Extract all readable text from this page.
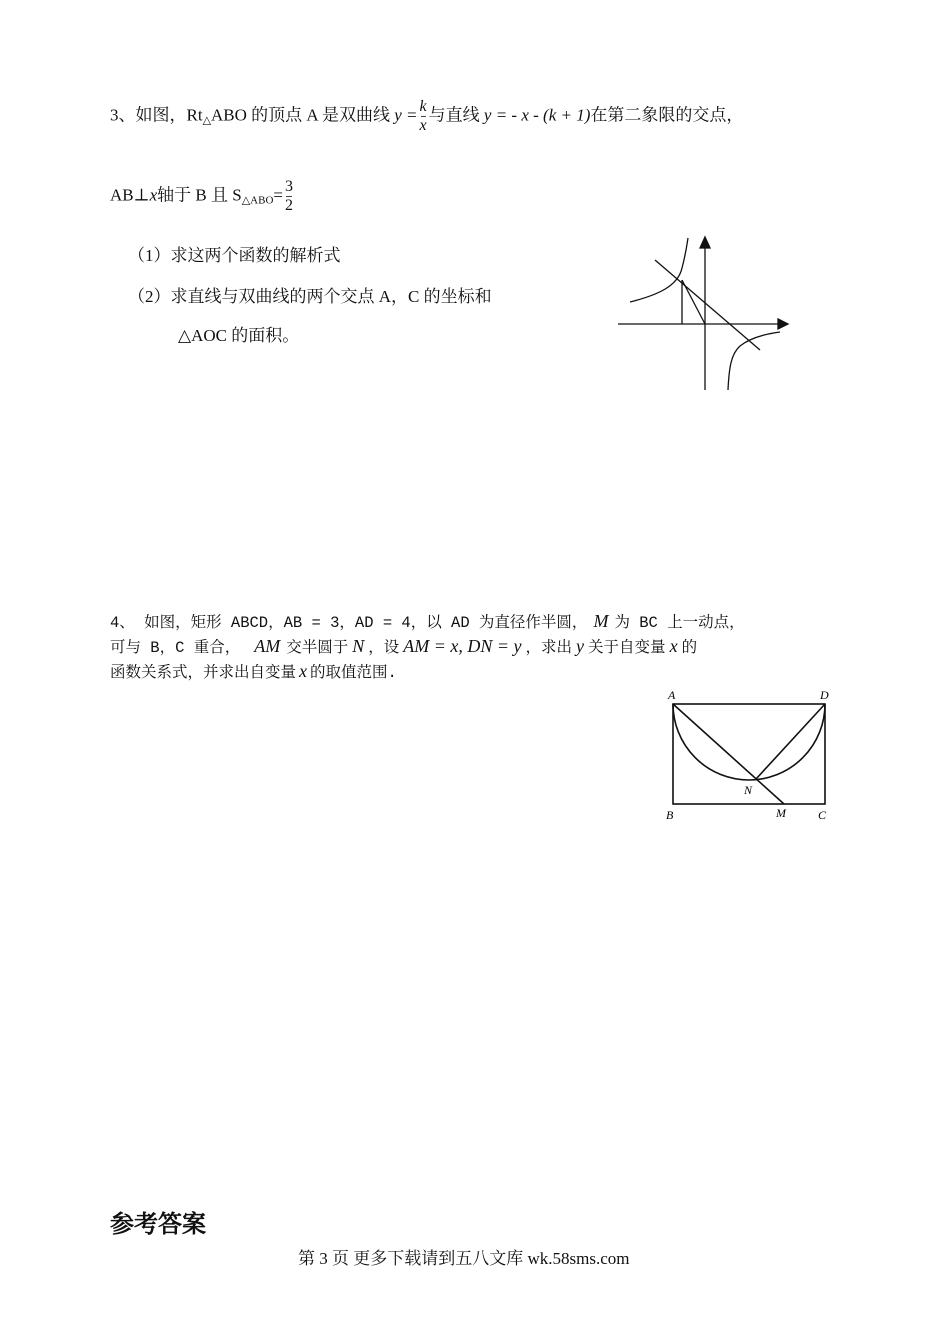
3、如图，$Rt_\triangle ABO$ 的顶点 A 是双曲线 $y = \frac{k}{x}$ 与直线 y = - x - (k + 1)在第二象限的交点，
AB⊥x轴于 B 且 $S_{\triangle ABO}= \frac{3}{2}$
（1）求这两个函数的解析式
（2）求直线与双曲线的两个交点 A，C 的坐标和
△AOC 的面积。
4、 如图，矩形 ABCD，AB = 3，AD = 4，以 AD 为直径作半圆， M 为 BC 上一动点，
可与 B，C 重合， AM 交半圆于 N ，设 AM = x, DN = y ，求出 y 关于自变量 x 的
函数关系式，并求出自变量 x 的取值范围.
A	D
B	C
M
N
参考答案
第 3 页 更多下载请到五八文库 wk.58sms.com
